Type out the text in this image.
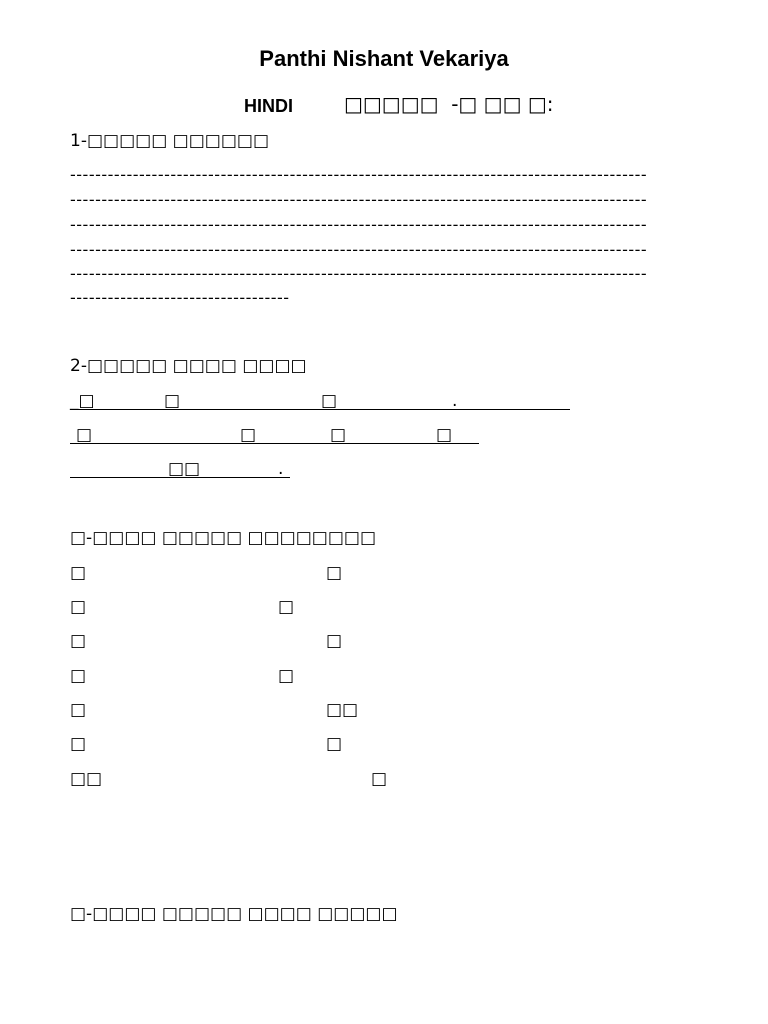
Panthi Nishant Vekariya
HINDI	□□□□□  -□ □□ □:
1-□□□□□ □□□□□□
--------------------------------------------------------------------------------------------
--------------------------------------------------------------------------------------------
--------------------------------------------------------------------------------------------
--------------------------------------------------------------------------------------------
--------------------------------------------------------------------------------------------
-----------------------------------
2-□□□□□ □□□□ □□□□
_□	□	□	.
□	□	□	□
□□	.
□-□□□□ □□□□□ □□□□□□□□
□	□
□	□
□	□
□	□
□	□□
□	□
□□	□
□-□□□□ □□□□□ □□□□ □□□□□
